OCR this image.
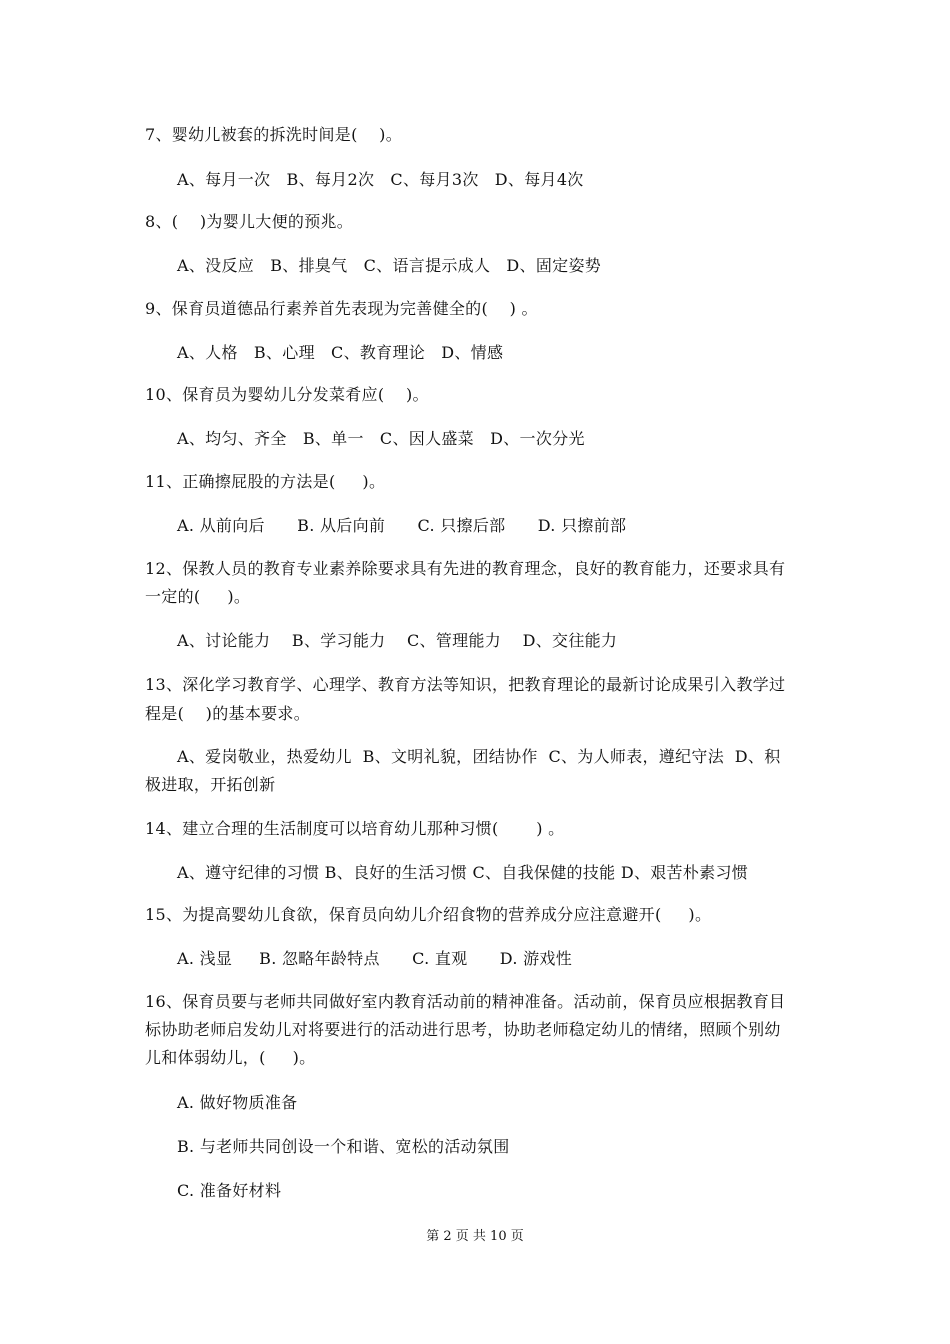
7、婴幼儿被套的拆洗时间是(    )。
A、每月一次   B、每月2次   C、每月3次   D、每月4次
8、(    )为婴儿大便的预兆。
A、没反应   B、排臭气   C、语言提示成人   D、固定姿势
9、保育员道德品行素养首先表现为完善健全的(    ) 。
A、人格   B、心理   C、教育理论   D、情感
10、保育员为婴幼儿分发菜肴应(    )。
A、均匀、齐全   B、单一   C、因人盛菜   D、一次分光
11、正确擦屁股的方法是(     )。
A. 从前向后      B. 从后向前      C. 只擦后部      D. 只擦前部
12、保教人员的教育专业素养除要求具有先进的教育理念，良好的教育能力，还要求具有
一定的(     )。
A、讨论能力    B、学习能力    C、管理能力    D、交往能力
13、深化学习教育学、心理学、教育方法等知识，把教育理论的最新讨论成果引入教学过
程是(    )的基本要求。
A、爱岗敬业，热爱幼儿  B、文明礼貌，团结协作  C、为人师表，遵纪守法  D、积
极进取，开拓创新
14、建立合理的生活制度可以培育幼儿那种习惯(       ) 。
A、遵守纪律的习惯 B、良好的生活习惯 C、自我保健的技能 D、艰苦朴素习惯
15、为提高婴幼儿食欲，保育员向幼儿介绍食物的营养成分应注意避开(     )。
A. 浅显     B. 忽略年龄特点      C. 直观      D. 游戏性
16、保育员要与老师共同做好室内教育活动前的精神准备。活动前，保育员应根据教育目
标协助老师启发幼儿对将要进行的活动进行思考，协助老师稳定幼儿的情绪，照顾个别幼
儿和体弱幼儿，(     )。
A. 做好物质准备
B. 与老师共同创设一个和谐、宽松的活动氛围
C. 准备好材料
第 2 页 共 10 页
